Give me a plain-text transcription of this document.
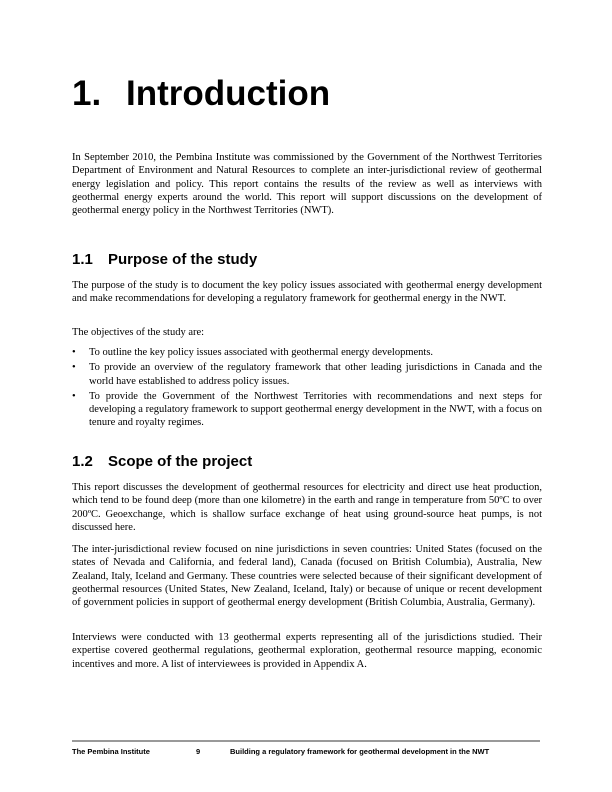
1. Introduction

In September 2010, the Pembina Institute was commissioned by the Government of the Northwest Territories Department of Environment and Natural Resources to complete an inter-jurisdictional review of geothermal energy legislation and policy. This report contains the results of the review as well as interviews with geothermal energy experts around the world. This report will support discussions on the development of geothermal energy policy in the Northwest Territories (NWT).

1.1 Purpose of the study

The purpose of the study is to document the key policy issues associated with geothermal energy development and make recommendations for developing a regulatory framework for geothermal energy in the NWT.

The objectives of the study are:

• To outline the key policy issues associated with geothermal energy developments.
• To provide an overview of the regulatory framework that other leading jurisdictions in Canada and the world have established to address policy issues.
• To provide the Government of the Northwest Territories with recommendations and next steps for developing a regulatory framework to support geothermal energy development in the NWT, with a focus on tenure and royalty regimes.
1.2 Scope of the project

This report discusses the development of geothermal resources for electricity and direct use heat production, which tend to be found deep (more than one kilometre) in the earth and range in temperature from 50ºC to over 200ºC. Geoexchange, which is shallow surface exchange of heat using ground-source heat pumps, is not discussed here.

The inter-jurisdictional review focused on nine jurisdictions in seven countries: United States (focused on the states of Nevada and California, and federal land), Canada (focused on British Columbia), Australia, New Zealand, Italy, Iceland and Germany. These countries were selected because of their significant development of geothermal resources (United States, New Zealand, Iceland, Italy) or because of unique or recent development of government policies in support of geothermal energy development (British Columbia, Australia, Germany).

Interviews were conducted with 13 geothermal experts representing all of the jurisdictions studied. Their expertise covered geothermal regulations, geothermal exploration, geothermal resource mapping, economic incentives and more. A list of interviewees is provided in Appendix A.

The Pembina Institute	9	Building a regulatory framework for geothermal development in the NWT
